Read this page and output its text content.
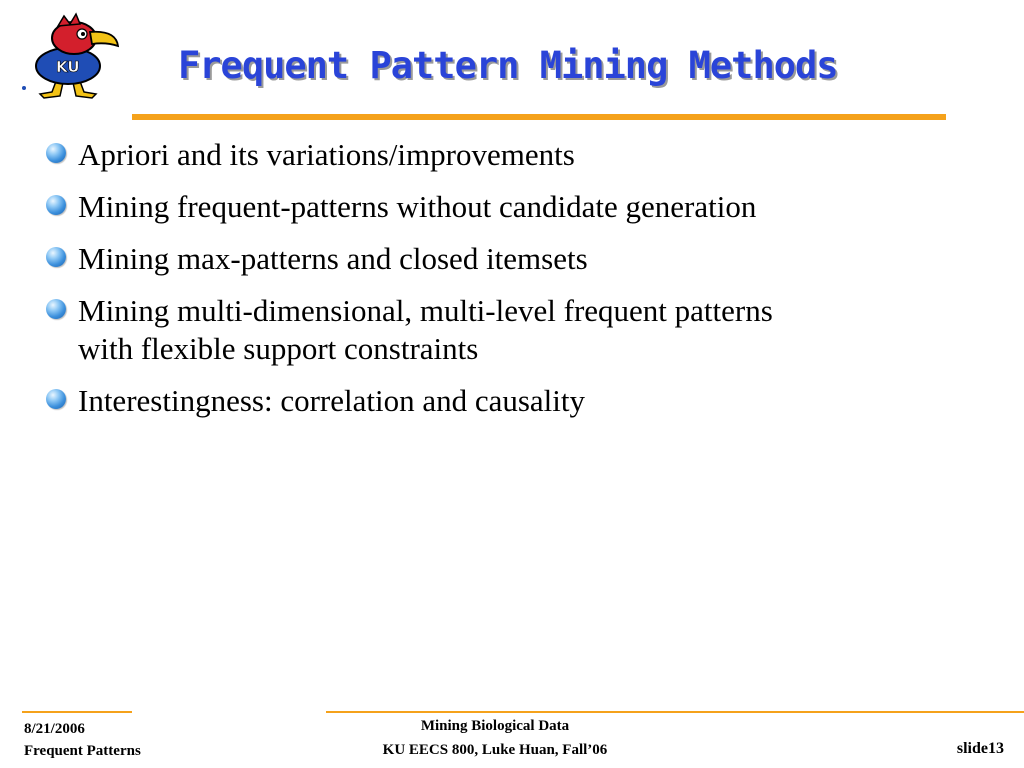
KU	Frequent Pattern Mining Methods
Apriori and its variations/improvements
Mining frequent-patterns without candidate generation
Mining max-patterns and closed itemsets
Mining multi-dimensional, multi-level frequent patterns
with flexible support constraints
Interestingness: correlation and causality
8/21/2006
Frequent Patterns
Mining Biological Data
KU EECS 800, Luke Huan, Fall’06	slide13
